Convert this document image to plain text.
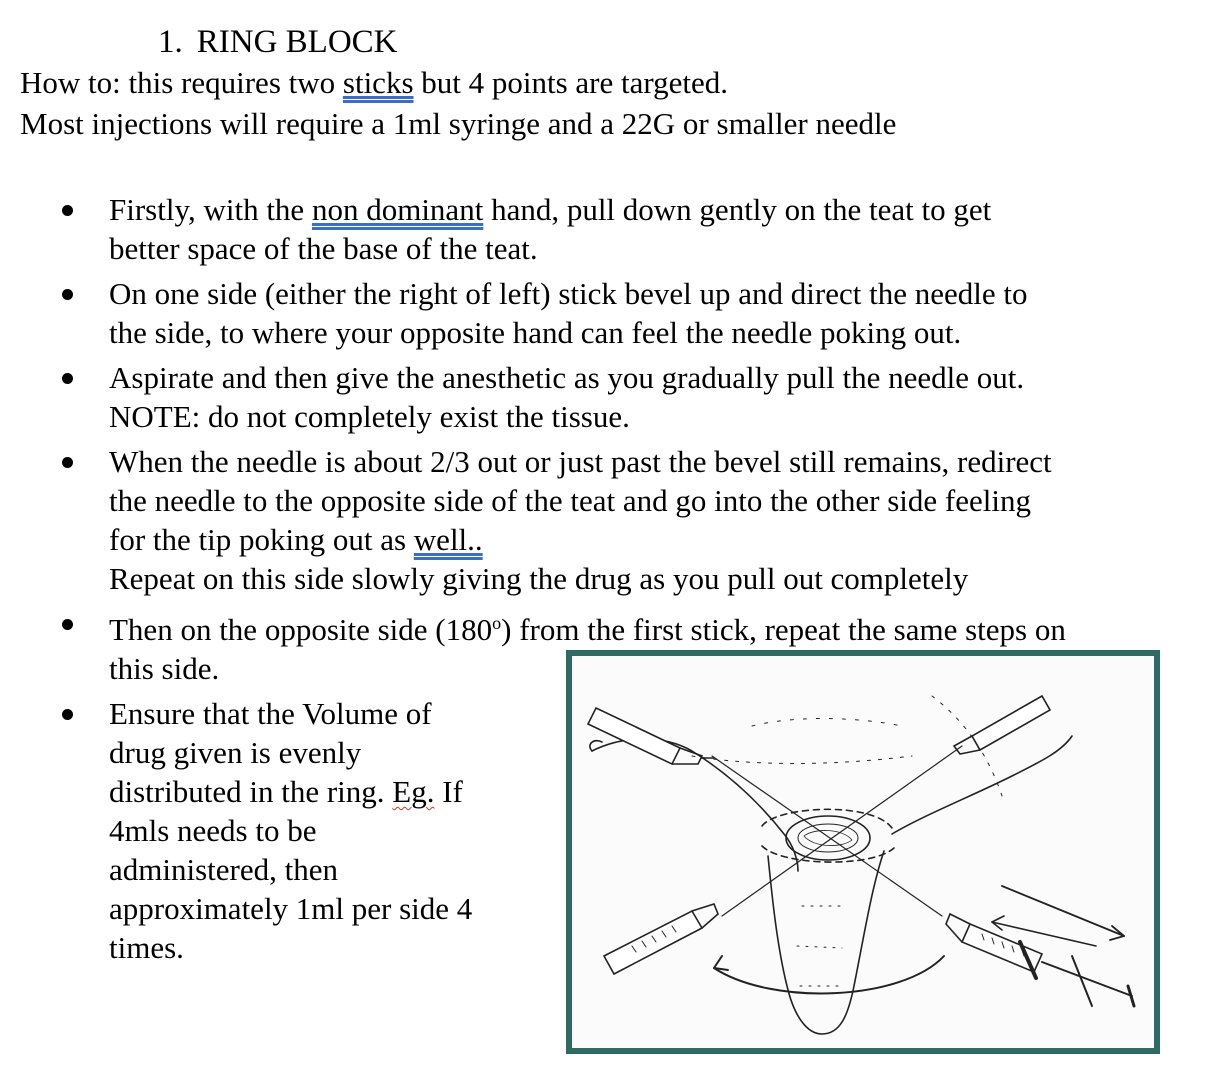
1. RING BLOCK
How to: this requires two sticks but 4 points are targeted.
Most injections will require a 1ml syringe and a 22G or smaller needle
Firstly, with the non dominant hand, pull down gently on the teat to get
better space of the base of the teat.
On one side (either the right of left) stick bevel up and direct the needle to
the side, to where your opposite hand can feel the needle poking out.
Aspirate and then give the anesthetic as you gradually pull the needle out.
NOTE: do not completely exist the tissue.
When the needle is about 2/3 out or just past the bevel still remains, redirect
the needle to the opposite side of the teat and go into the other side feeling
for the tip poking out as well..
Repeat on this side slowly giving the drug as you pull out completely
Then on the opposite side (180$^o$) from the first stick, repeat the same steps on
this side.
Ensure that the Volume of
drug given is evenly
distributed in the ring. Eg. If
4mls needs to be
administered, then
approximately 1ml per side 4
times.
